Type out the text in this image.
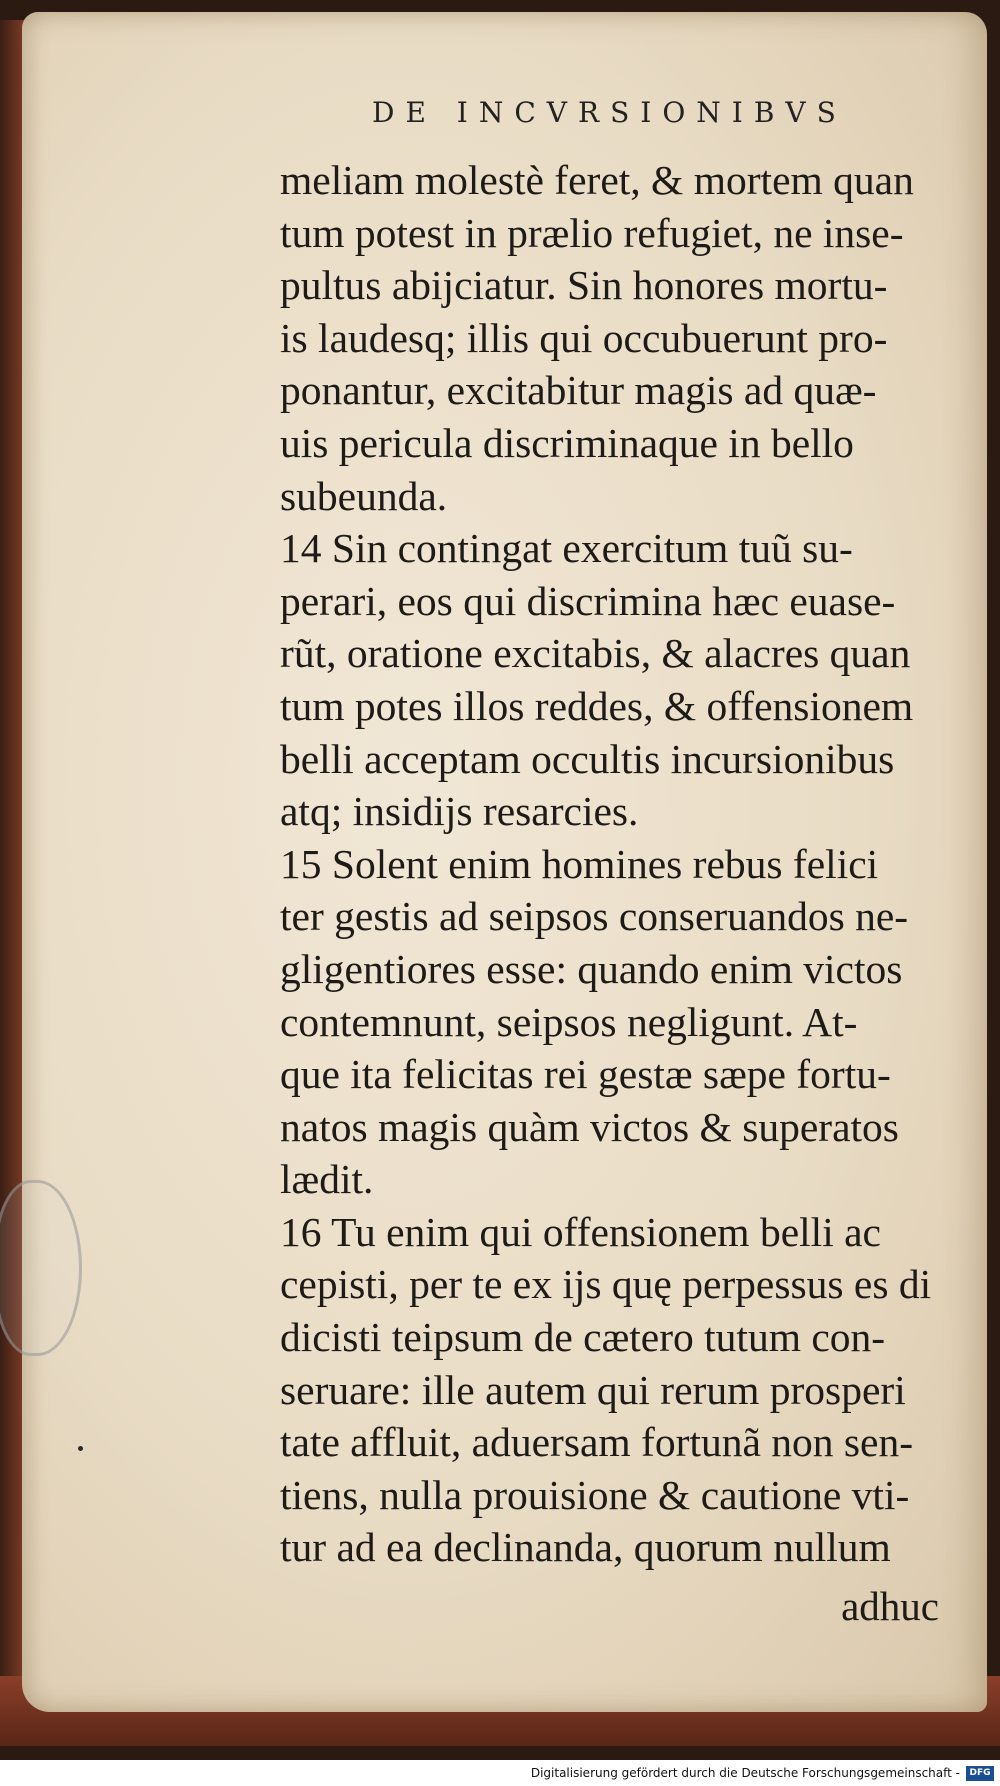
DE INCVRSIONIBVS
meliam molestè feret, & mortem quan
tum potest in prælio refugiet, ne inse-
pultus abijciatur. Sin honores mortu-
is laudesq; illis qui occubuerunt pro-
ponantur, excitabitur magis ad quæ-
uis pericula discriminaque in bello
subeunda.
14 Sin contingat exercitum tuũ su-
perari, eos qui discrimina hæc euase-
rũt, oratione excitabis, & alacres quan
tum potes illos reddes, & offensionem
belli acceptam occultis incursionibus
atq; insidijs resarcies.
15 Solent enim homines rebus felici
ter gestis ad seipsos conseruandos ne-
gligentiores esse: quando enim victos
contemnunt, seipsos negligunt. At-
que ita felicitas rei gestæ sæpe fortu-
natos magis quàm victos & superatos
lædit.
16 Tu enim qui offensionem belli ac
cepisti, per te ex ijs quę perpessus es di
dicisti teipsum de cætero tutum con-
seruare: ille autem qui rerum prosperi
tate affluit, aduersam fortunã non sen-
tiens, nulla prouisione & cautione vti-
tur ad ea declinanda, quorum nullum
adhuc
Digitalisierung gefördert durch die Deutsche Forschungsgemeinschaft -	DFG
